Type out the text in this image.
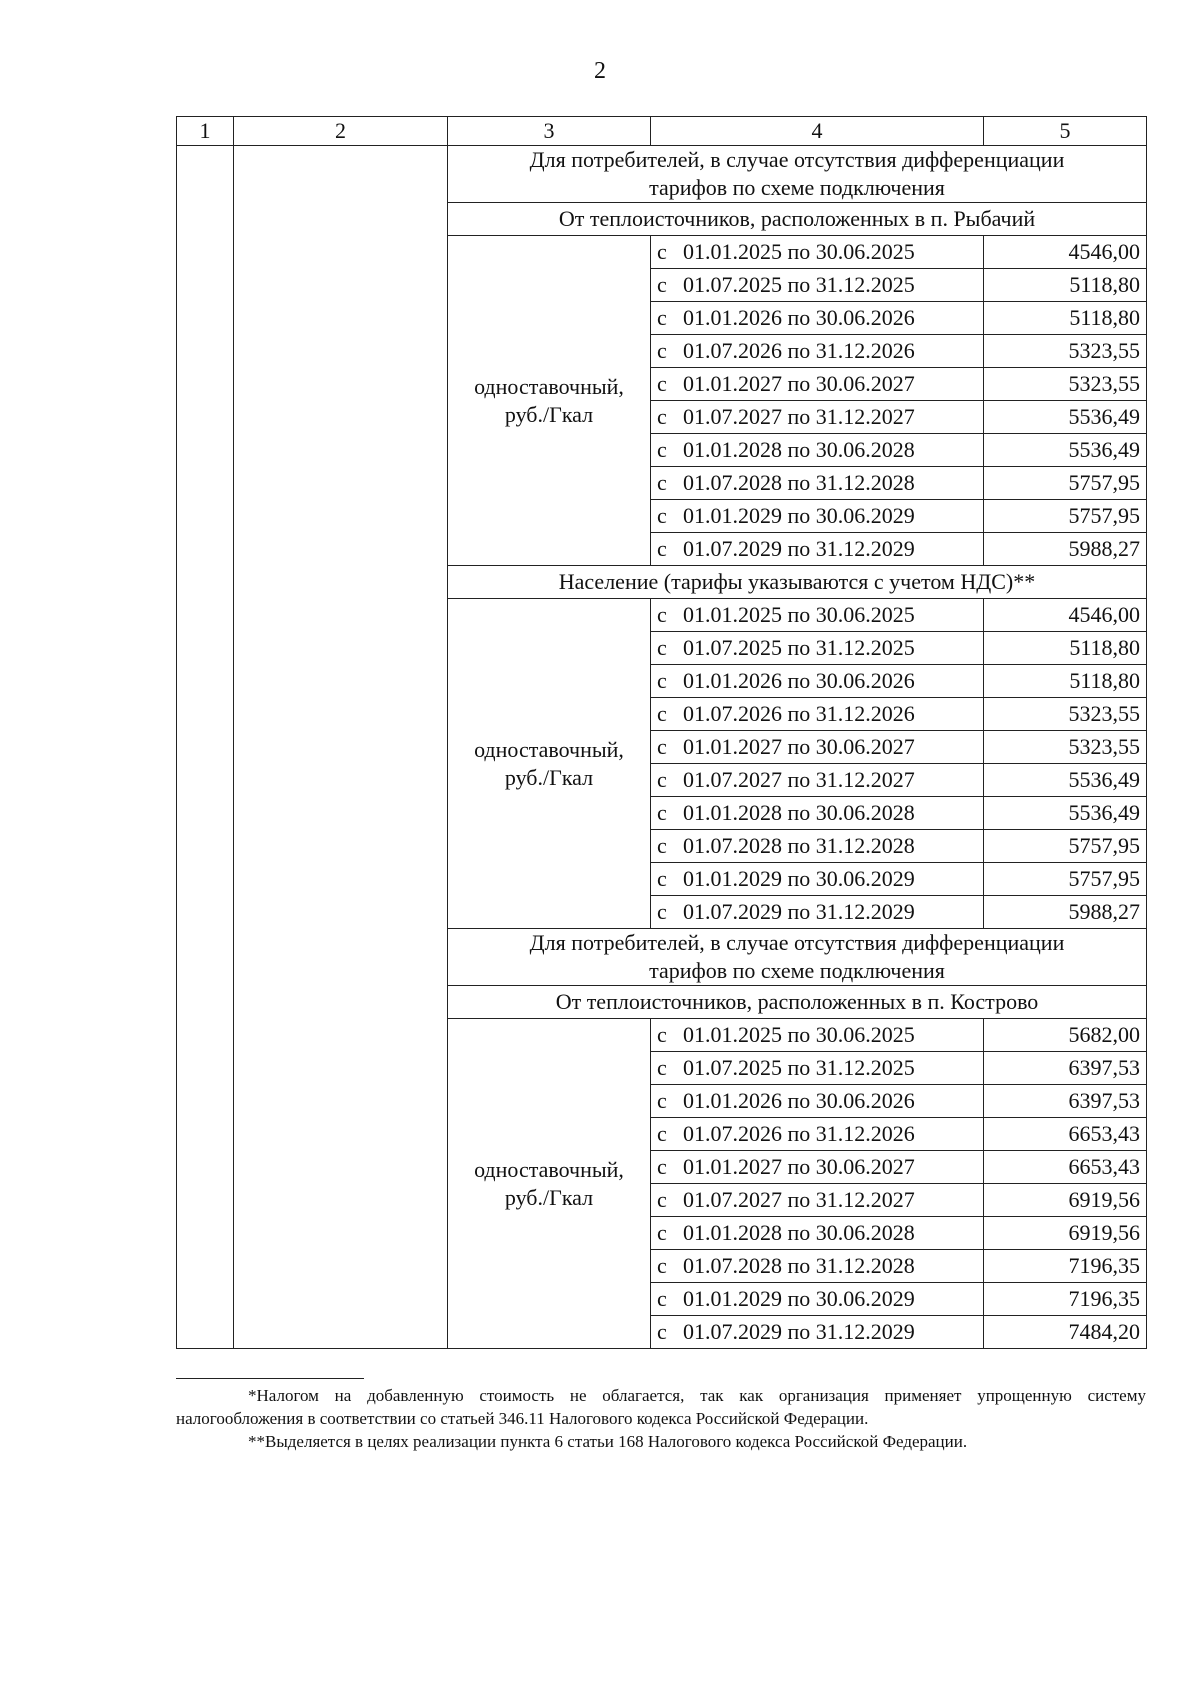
2
1	2	3	4	5
		Для потребителей, в случае отсутствия дифференциации
тарифов по схеме подключения		
		От теплоисточников, расположенных в п. Рыбачий		
		одноставочный,
руб./Гкал	с 01.01.2025 по 30.06.2025	4546,00
			с 01.07.2025 по 31.12.2025	5118,80
			с 01.01.2026 по 30.06.2026	5118,80
			с 01.07.2026 по 31.12.2026	5323,55
			с 01.01.2027 по 30.06.2027	5323,55
			с 01.07.2027 по 31.12.2027	5536,49
			с 01.01.2028 по 30.06.2028	5536,49
			с 01.07.2028 по 31.12.2028	5757,95
			с 01.01.2029 по 30.06.2029	5757,95
			с 01.07.2029 по 31.12.2029	5988,27
		Население (тарифы указываются с учетом НДС)**		
		одноставочный,
руб./Гкал	с 01.01.2025 по 30.06.2025	4546,00
			с 01.07.2025 по 31.12.2025	5118,80
			с 01.01.2026 по 30.06.2026	5118,80
			с 01.07.2026 по 31.12.2026	5323,55
			с 01.01.2027 по 30.06.2027	5323,55
			с 01.07.2027 по 31.12.2027	5536,49
			с 01.01.2028 по 30.06.2028	5536,49
			с 01.07.2028 по 31.12.2028	5757,95
			с 01.01.2029 по 30.06.2029	5757,95
			с 01.07.2029 по 31.12.2029	5988,27
		Для потребителей, в случае отсутствия дифференциации
тарифов по схеме подключения		
		От теплоисточников, расположенных в п. Кострово		
		одноставочный,
руб./Гкал	с 01.01.2025 по 30.06.2025	5682,00
			с 01.07.2025 по 31.12.2025	6397,53
			с 01.01.2026 по 30.06.2026	6397,53
			с 01.07.2026 по 31.12.2026	6653,43
			с 01.01.2027 по 30.06.2027	6653,43
			с 01.07.2027 по 31.12.2027	6919,56
			с 01.01.2028 по 30.06.2028	6919,56
			с 01.07.2028 по 31.12.2028	7196,35
			с 01.01.2029 по 30.06.2029	7196,35
			с 01.07.2029 по 31.12.2029	7484,20

*Налогом на добавленную стоимость не облагается, так как организация применяет упрощенную систему налогообложения в соответствии со статьей 346.11 Налогового кодекса Российской Федерации.

**Выделяется в целях реализации пункта 6 статьи 168 Налогового кодекса Российской Федерации.
